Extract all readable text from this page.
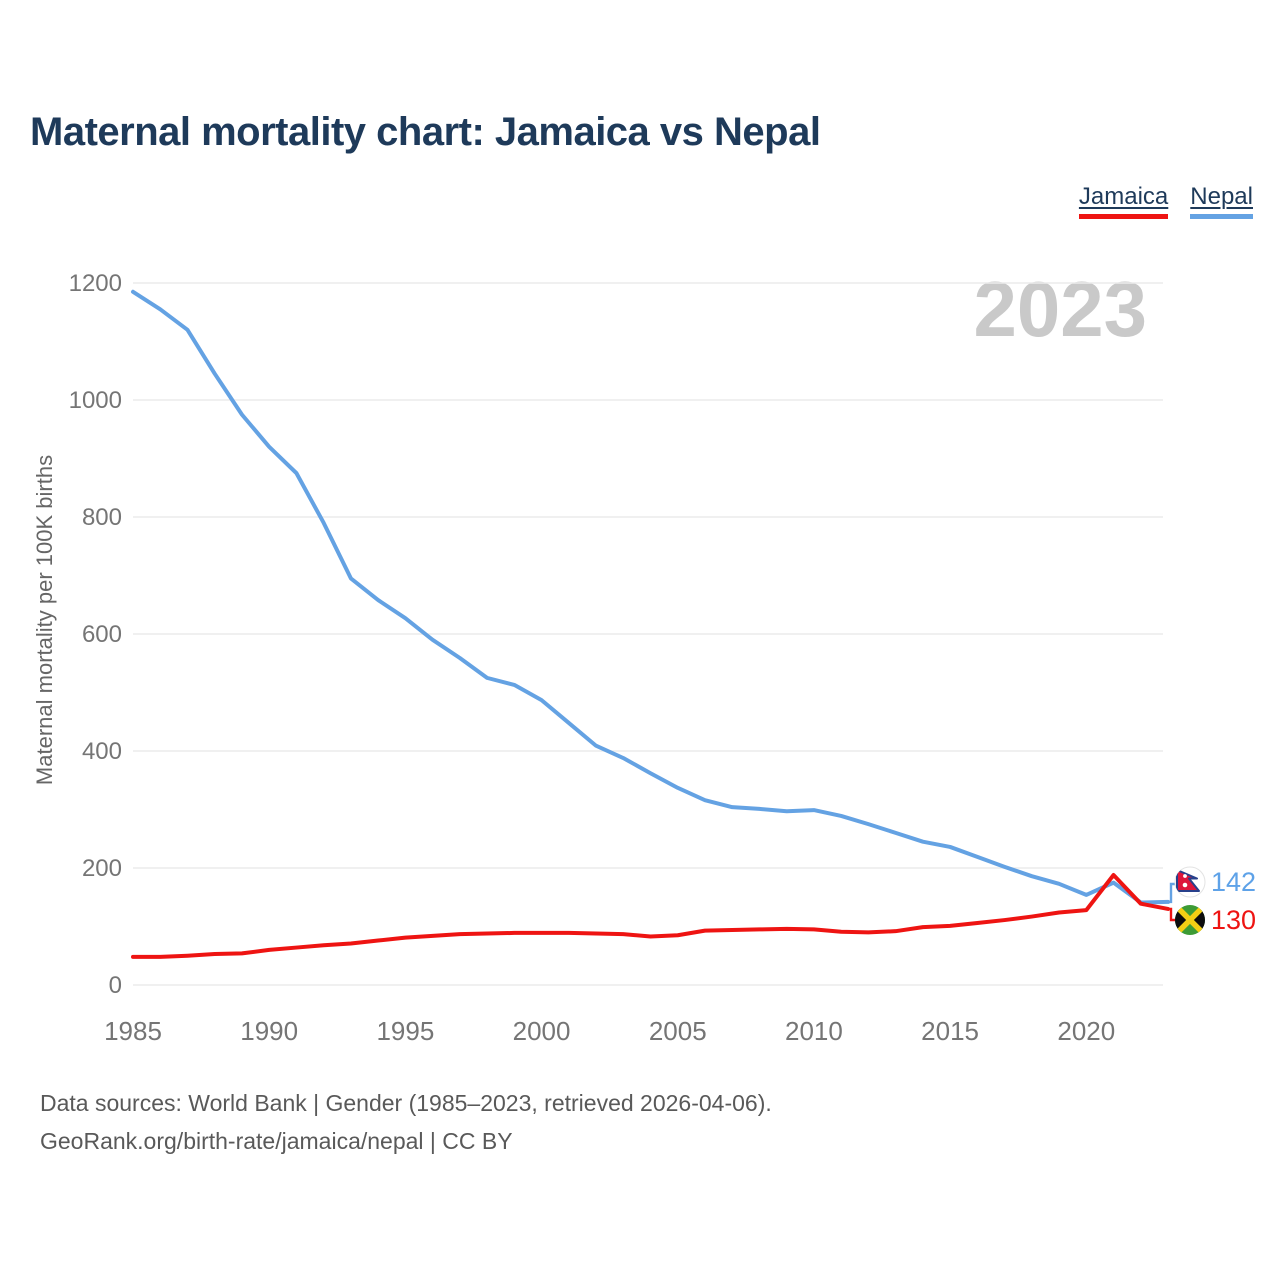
Maternal mortality chart: Jamaica vs Nepal
Jamaica Nepal
2023
0
200
400
600
800
1000
1200
1985	1990	1995	2000	2005	2010	2015	2020
Maternal mortality per 100K births
142
130
Data sources: World Bank | Gender (1985–2023, retrieved 2026-04-06).
GeoRank.org/birth-rate/jamaica/nepal | CC BY
